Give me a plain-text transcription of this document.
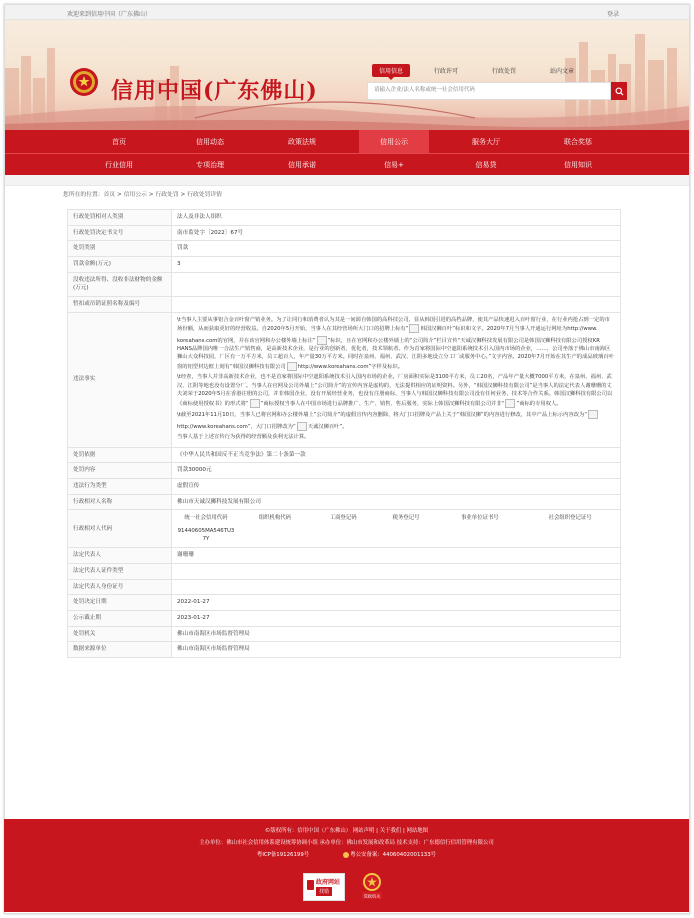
欢迎来到信用中国（广东佛山）	登录
信用中国(广东佛山)
信用信息	行政许可	行政处罚	站内文章
请输入企业/法人名称或统一社会信用代码
首页	信用动态	政策法规	信用公示	服务大厅	联合奖惩
行业信用	专项治理	信用承诺	信易+	信易贷	信用知识
您所在的位置：首页 > 信用公示 > 行政处罚 > 行政处罚详情
行政处罚相对人类别	法人及非法人组织
行政处罚决定书文号	南市监处字〔2022〕67号
处罚类别	罚款
罚款金额(万元)	3
没收违法所得、没收非法财物的金额(万元)	
暂扣或吊销证照名称及编号	
违法事实	

\t当事人主要从事铝合金百叶窗产销业务。为了让同行和消费者认为其是一间源自韩国的高科技公司，显从韩国引进的高档品牌，使其产品快速进入百叶窗行业，在行业内抢占到一定的市场份额，从而获取更好的经营收益。自2020年5月开始，当事人在其经营场所大门口的招牌上标有“ 韩国汉狮百叶”标识和文字。2020年7月当事人开通运行网址为http://www.

koreahans.com的官网，并在该官网和办公楼外墙上标注“ ”标识，且在官网和办公楼外墙上的“公司简介”栏目宣传“天诚汉狮科技发展有限公司是韩国汉狮科技有限公司授权KR HANS品牌国内唯一合法生产销售商，是高新技术企业，是行业的创新者、优化者，技术领航者。作为首家将国际中空遮阳系统技术引入国内市场的企业，……，公司坐落于佛山市南海区狮山大众科技园，厂区有一万平方米，员工超百人，年产量30万平方米。同时在泉州、福州、武汉、江阴多地设立分工厂或服务中心。”文字内容。2020年7月开始在其生产的成品玻璃百叶窗的铝型材边框上刻有“韩国汉狮科技有限公司 http://www.koreahans.com”字样及标识。

\t经查，当事人并非高新技术企业，也不是首家将国际中空遮阳系统技术引入国内市场的企业，厂房面积实际是3100平方米，员工20名，产品年产量大概7000平方米，在泉州、福州、武汉、江阴等地也没有设置分厂。当事人在官网及公司外墙上“公司简介”的宣传内容是虚构的，无法提供相应的证明资料。另外，“韩国汉狮科技有限公司”是当事人的法定代表人谢珊珊的丈夫刘荣于2020年5月在香港注册的公司，并非韩国企业，没有开展经营业务，也没有注册商标，当事人与韩国汉狮科技有限公司没有任何业务、技术等合作关系。韩国汉狮科技有限公司以《商标使用授权书》的形式将“ ”商标授权当事人在中国市场进行品牌推广、生产、销售、售后服务，实际上韩国汉狮科技有限公司并非“ ”商标的专用权人。

\t截至2021年11月10日，当事人已将官网和办公楼外墙上“公司简介”的虚假宣传内容删除，将大门口招牌及产品上关于“韩国汉狮”的内容进行修改，其中产品上标示内容改为“

http://www.koreahans.com”，大门口招牌改为“ 天诚汉狮百叶”。

当事人基于上述宣传行为获得的经营额及获利无法计算。

处罚依据	《中华人民共和国反不正当竞争法》第二十条第一款
处罚内容	罚款30000元
违法行为类型	虚假宣传
行政相对人名称	佛山市天诚汉狮科技发展有限公司
行政相对人代码	
统一社会信用代码	组织机构代码	工商登记码	税务登记号	事业单位证书号	社会组织登记证号
91440605MA546TU37Y					

法定代表人	谢珊珊
法定代表人证件类型	
法定代表人身份证号	
处罚决定日期	2022-01-27
公示截止期	2023-01-27
处罚机关	佛山市南海区市场监督管理局
数据来源单位	佛山市南海区市场监督管理局
©版权所有：信用中国（广东佛山） 网站声明 | 关于我们 | 网站地图
主办单位：佛山市社会信用体系建设统筹协调小组 承办单位：佛山市发展和改革局 技术支持：广东德信行信用管理有限公司
粤ICP备19126199号	粤公安备案：44060402001133号
政府网站
找错
党政机关
